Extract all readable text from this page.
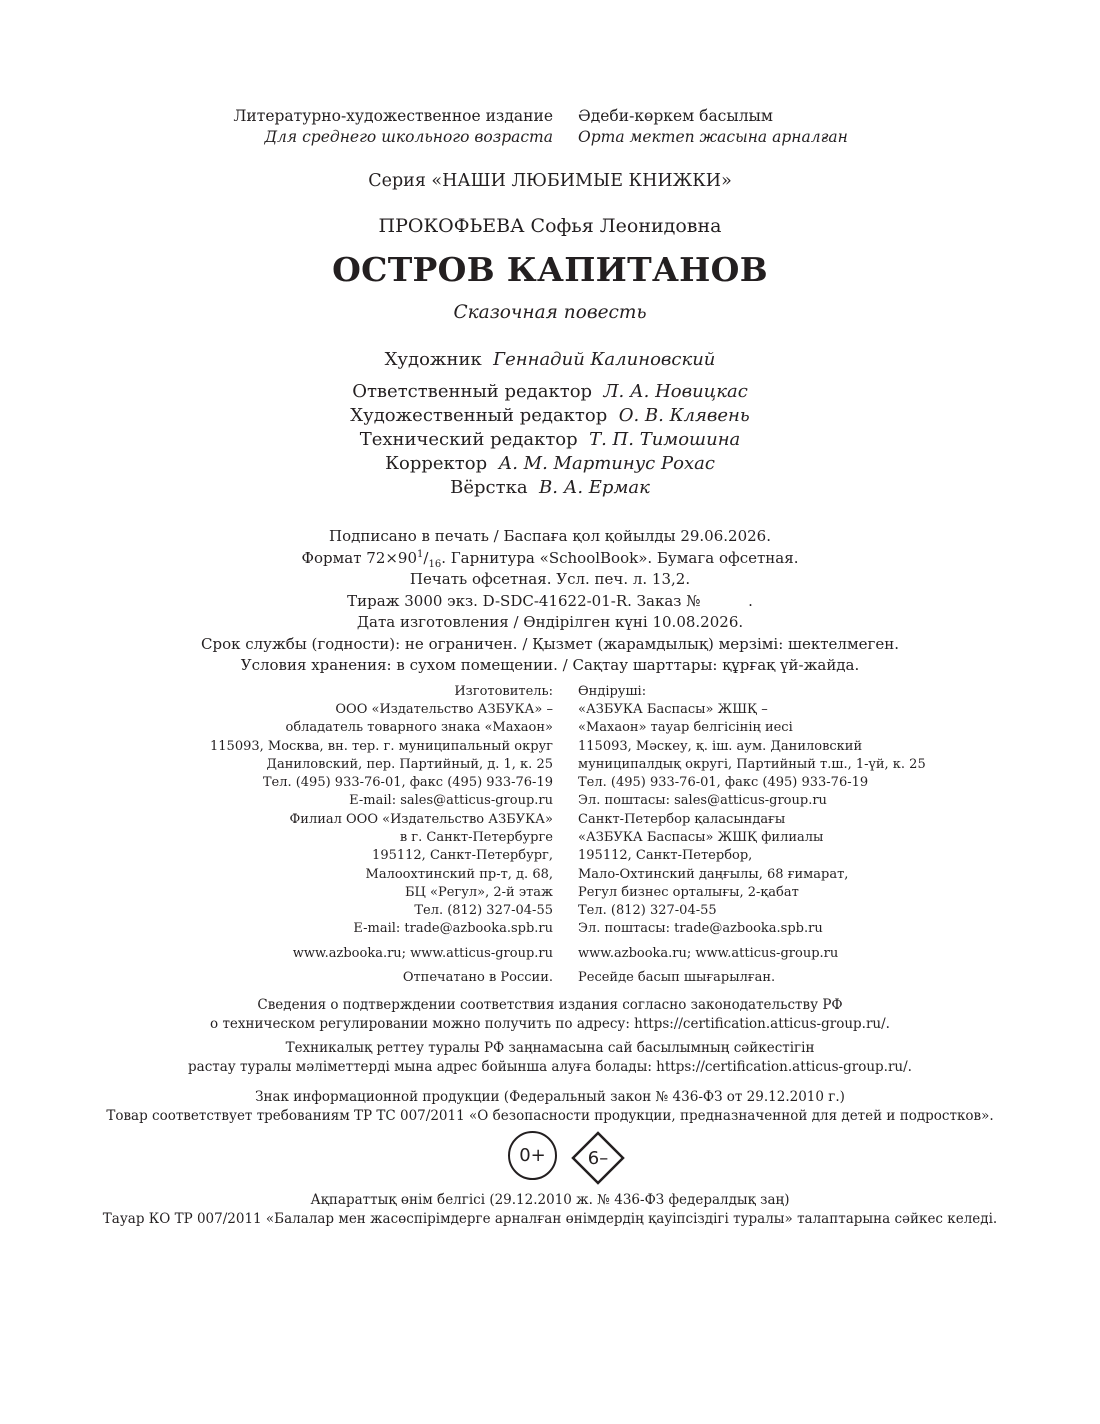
Литературно-художественное издание
Для среднего школьного возраста
Әдеби-көркем басылым
Орта мектеп жасына арналған
Серия «НАШИ ЛЮБИМЫЕ КНИЖКИ»
ПРОКОФЬЕВА Софья Леонидовна
ОСТРОВ КАПИТАНОВ
Сказочная повесть
Художник Геннадий Калиновский
Ответственный редактор Л. А. Новицкас
Художественный редактор О. В. Клявень
Технический редактор Т. П. Тимошина
Корректор А. М. Мартинус Рохас
Вёрстка В. А. Ермак
Подписано в печать / Баспаға қол қойылды 29.06.2026.
Формат $72\times 90^1/_{16}$. Гарнитура «SchoolBook». Бумага офсетная.
Печать офсетная. Усл. печ. л. 13,2.
Тираж 3000 экз. D-SDC-41622-01-R. Заказ №          .
Дата изготовления / Өндірілген күні 10.08.2026.
Срок службы (годности): не ограничен. / Қызмет (жарамдылық) мерзімі: шектелмеген.
Условия хранения: в сухом помещении. / Сақтау шарттары: құрғақ үй-жайда.
Изготовитель:
ООО «Издательство АЗБУКА» –
обладатель товарного знака «Махаон»
115093, Москва, вн. тер. г. муниципальный округ
Даниловский, пер. Партийный, д. 1, к. 25
Тел. (495) 933-76-01, факс (495) 933-76-19
E-mail: sales@atticus-group.ru
Өндіруші:
«АЗБУКА Баспасы» ЖШҚ –
«Махаон» тауар белгісінің иесі
115093, Мәскеу, қ. іш. аум. Даниловский
муниципалдық округі, Партийный т.ш., 1-үй, к. 25
Тел. (495) 933-76-01, факс (495) 933-76-19
Эл. поштасы: sales@atticus-group.ru
Филиал ООО «Издательство АЗБУКА»
в г. Санкт-Петербурге
195112, Санкт-Петербург,
Малоохтинский пр-т, д. 68,
БЦ «Регул», 2-й этаж
Тел. (812) 327-04-55
E-mail: trade@azbooka.spb.ru
Санкт-Петербор қаласындағы
«АЗБУКА Баспасы» ЖШҚ филиалы
195112, Санкт-Петербор,
Мало-Охтинский даңғылы, 68 ғимарат,
Регул бизнес орталығы, 2-қабат
Тел. (812) 327-04-55
Эл. поштасы: trade@azbooka.spb.ru
www.azbooka.ru; www.atticus-group.ru www.azbooka.ru; www.atticus-group.ru
Отпечатано в России. Ресейде басып шығарылған.
Сведения о подтверждении соответствия издания согласно законодательству РФ
о техническом регулировании можно получить по адресу: https://certification.atticus-group.ru/.
Техникалық реттеу туралы РФ заңнамасына сай басылымның сәйкестігін
растау туралы мәліметтерді мына адрес бойынша алуға болады: https://certification.atticus-group.ru/.
Знак информационной продукции (Федеральный закон № 436-ФЗ от 29.12.2010 г.)
Товар соответствует требованиям ТР ТС 007/2011 «О безопасности продукции, предназначенной для детей и подростков».
0+	6–
Ақпараттық өнім белгісі (29.12.2010 ж. № 436-ФЗ федералдық заң)
Тауар КО ТР 007/2011 «Балалар мен жасөспірімдерге арналған өнімдердің қауіпсіздігі туралы» талаптарына сәйкес келеді.
